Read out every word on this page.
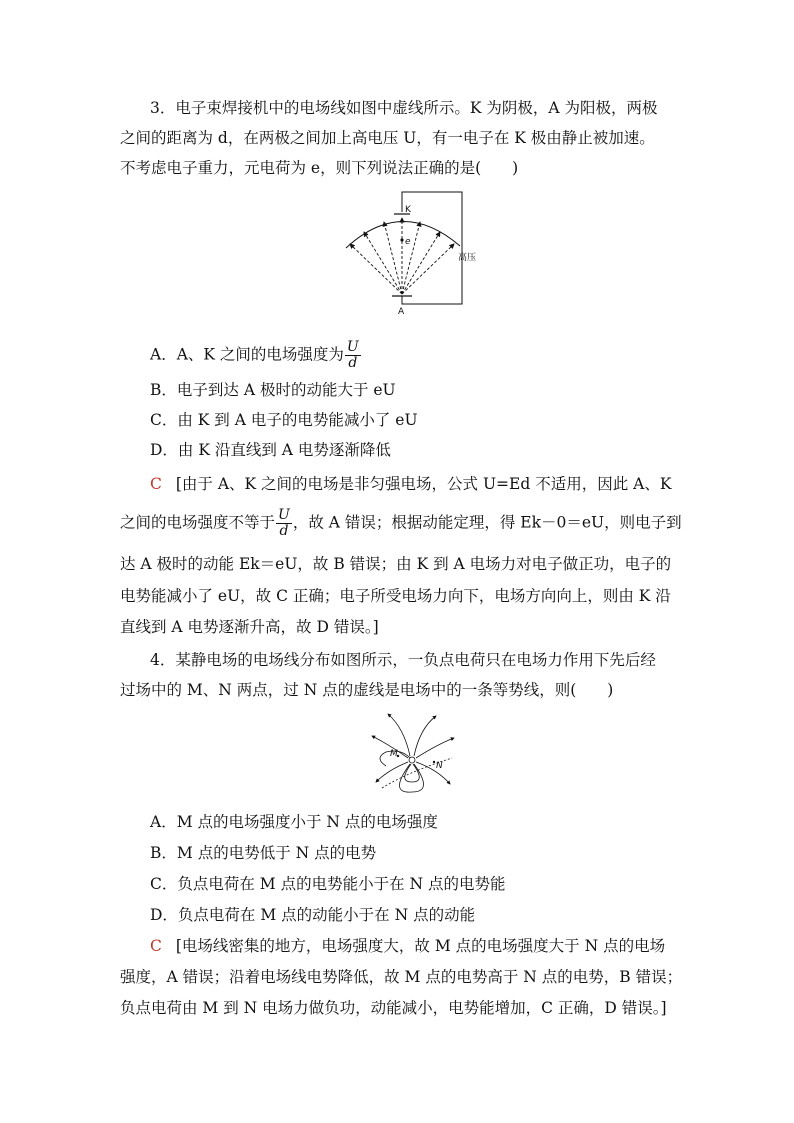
3．电子束焊接机中的电场线如图中虚线所示。K 为阴极，A 为阳极，两极
之间的距离为 d，在两极之间加上高电压 U，有一电子在 K 极由静止被加速。
不考虑电子重力，元电荷为 e，则下列说法正确的是(　　)
K
e
A
高压
A．A、K 之间的电场强度为 $\frac{U}{d}$
B．电子到达 A 极时的动能大于 eU
C．由 K 到 A 电子的电势能减小了 eU
D．由 K 沿直线到 A 电势逐渐降低
C [由于 A、K 之间的电场是非匀强电场，公式 U=Ed 不适用，因此 A、K
之间的电场强度不等于 $\frac{U}{d}$ ，故 A 错误；根据动能定理，得 Ek－0＝eU，则电子到
达 A 极时的动能 Ek＝eU，故 B 错误；由 K 到 A 电场力对电子做正功，电子的
电势能减小了 eU，故 C 正确；电子所受电场力向下，电场方向向上，则由 K 沿
直线到 A 电势逐渐升高，故 D 错误。]
4．某静电场的电场线分布如图所示，一负点电荷只在电场力作用下先后经
过场中的 M、N 两点，过 N 点的虚线是电场中的一条等势线，则(　　)
M
N
A．M 点的电场强度小于 N 点的电场强度
B．M 点的电势低于 N 点的电势
C．负点电荷在 M 点的电势能小于在 N 点的电势能
D．负点电荷在 M 点的动能小于在 N 点的动能
C [电场线密集的地方，电场强度大，故 M 点的电场强度大于 N 点的电场
强度，A 错误；沿着电场线电势降低，故 M 点的电势高于 N 点的电势，B 错误；
负点电荷由 M 到 N 电场力做负功，动能减小，电势能增加，C 正确，D 错误。]
